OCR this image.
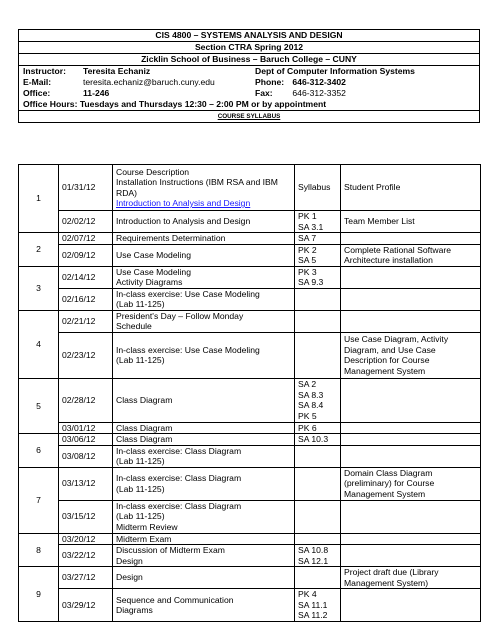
CIS 4800 – SYSTEMS ANALYSIS AND DESIGN
Section CTRA Spring 2012
Zicklin School of Business – Baruch College – CUNY

Instructor: Teresita Echaniz	Dept of Computer Information Systems
E-Mail:	teresita.echaniz@baruch.cuny.edu	Phone: 646-312-3402
Office:	11-246	Fax: 646-312-3352
Office Hours: Tuesdays and Thursdays 12:30 – 2:00 PM or by appointment

COURSE SYLLABUS
1	01/31/12	Course Description
Installation Instructions (IBM RSA and IBM RDA)
Introduction to Analysis and Design	Syllabus	Student Profile

	02/02/12	Introduction to Analysis and Design	PK 1
SA 3.1	Team Member List

2	02/07/12	Requirements Determination	SA 7	

	02/09/12	Use Case Modeling	PK 2
SA 5	Complete Rational Software
Architecture installation

3	02/14/12	Use Case Modeling
Activity Diagrams	PK 3
SA 9.3	

	02/16/12	In-class exercise: Use Case Modeling
(Lab 11-125)		

4	02/21/12	President's Day – Follow Monday
Schedule		

	02/23/12	In-class exercise: Use Case Modeling
(Lab 11-125)		Use Case Diagram, Activity
Diagram, and Use Case
Description for Course
Management System

5	02/28/12	Class Diagram	SA 2
SA 8.3
SA 8.4
PK 5	

	03/01/12	Class Diagram	PK 6	

6	03/06/12	Class Diagram	SA 10.3	

	03/08/12	In-class exercise: Class Diagram
(Lab 11-125)		

7	03/13/12	In-class exercise: Class Diagram
(Lab 11-125)		Domain Class Diagram
(preliminary) for Course
Management System

	03/15/12	In-class exercise: Class Diagram
(Lab 11-125)
Midterm Review		

8	03/20/12	Midterm Exam		

	03/22/12	Discussion of Midterm Exam
Design	SA 10.8
SA 12.1	

9	03/27/12	Design		Project draft due (Library
Management System)

	03/29/12	Sequence and Communication
Diagrams	PK 4
SA 11.1
SA 11.2	
